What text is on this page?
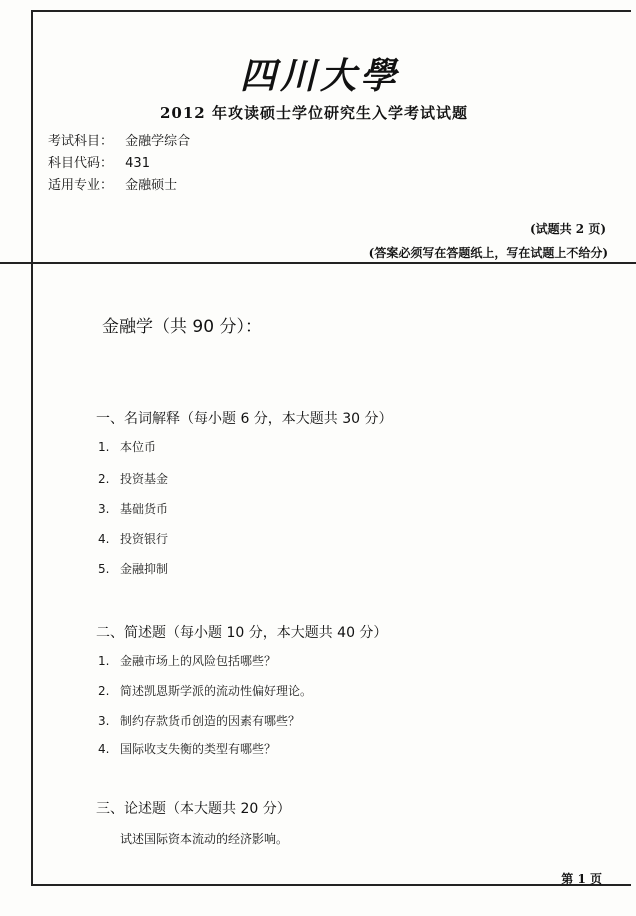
四川大學
2012 年攻读硕士学位研究生入学考试试题
考试科目： 金融学综合
科目代码： 431
适用专业： 金融硕士
(试题共 2 页)
(答案必须写在答题纸上，写在试题上不给分)
金融学（共 90 分）：
一、名词解释（每小题 6 分，本大题共 30 分）
1. 本位币
2. 投资基金
3. 基础货币
4. 投资银行
5. 金融抑制
二、简述题（每小题 10 分，本大题共 40 分）
1. 金融市场上的风险包括哪些？
2. 简述凯恩斯学派的流动性偏好理论。
3. 制约存款货币创造的因素有哪些？
4. 国际收支失衡的类型有哪些？
三、论述题（本大题共 20 分）
试述国际资本流动的经济影响。
第 1 页
